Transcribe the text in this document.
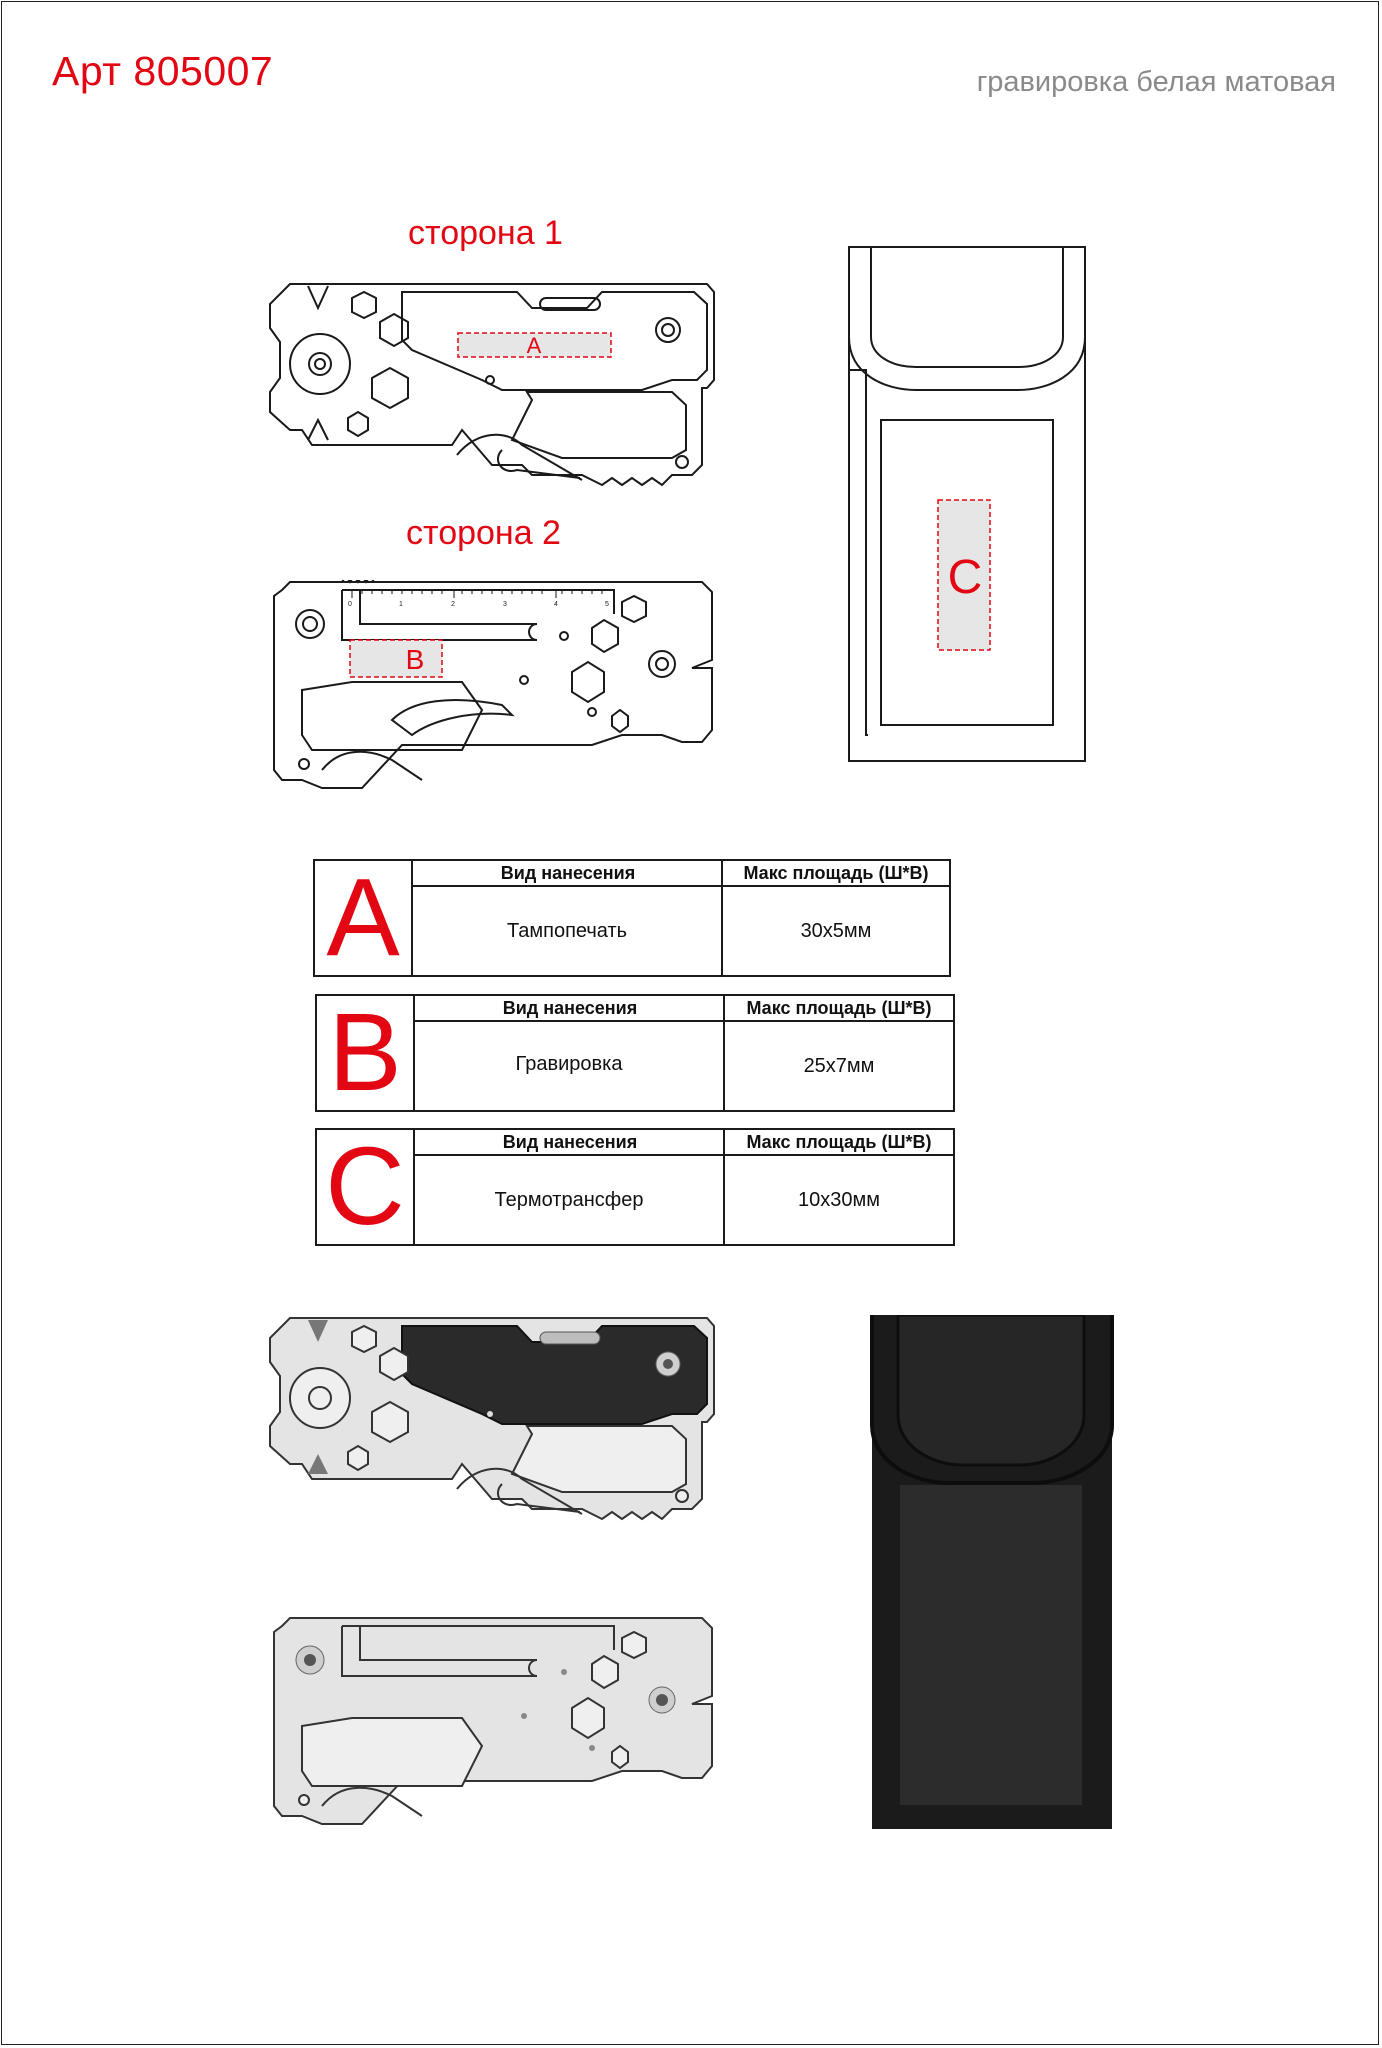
Арт 805007	гравировка белая матовая
сторона 1
сторона 2
A
0	1	2	3	4	5
B
C
A	Вид нанесения	Макс площадь (Ш*В)
Тампопечать	30x5мм
B	Вид нанесения	Макс площадь (Ш*В)
Гравировка	25x7мм
C	Вид нанесения	Макс площадь (Ш*В)
Термотрансфер	10x30мм
